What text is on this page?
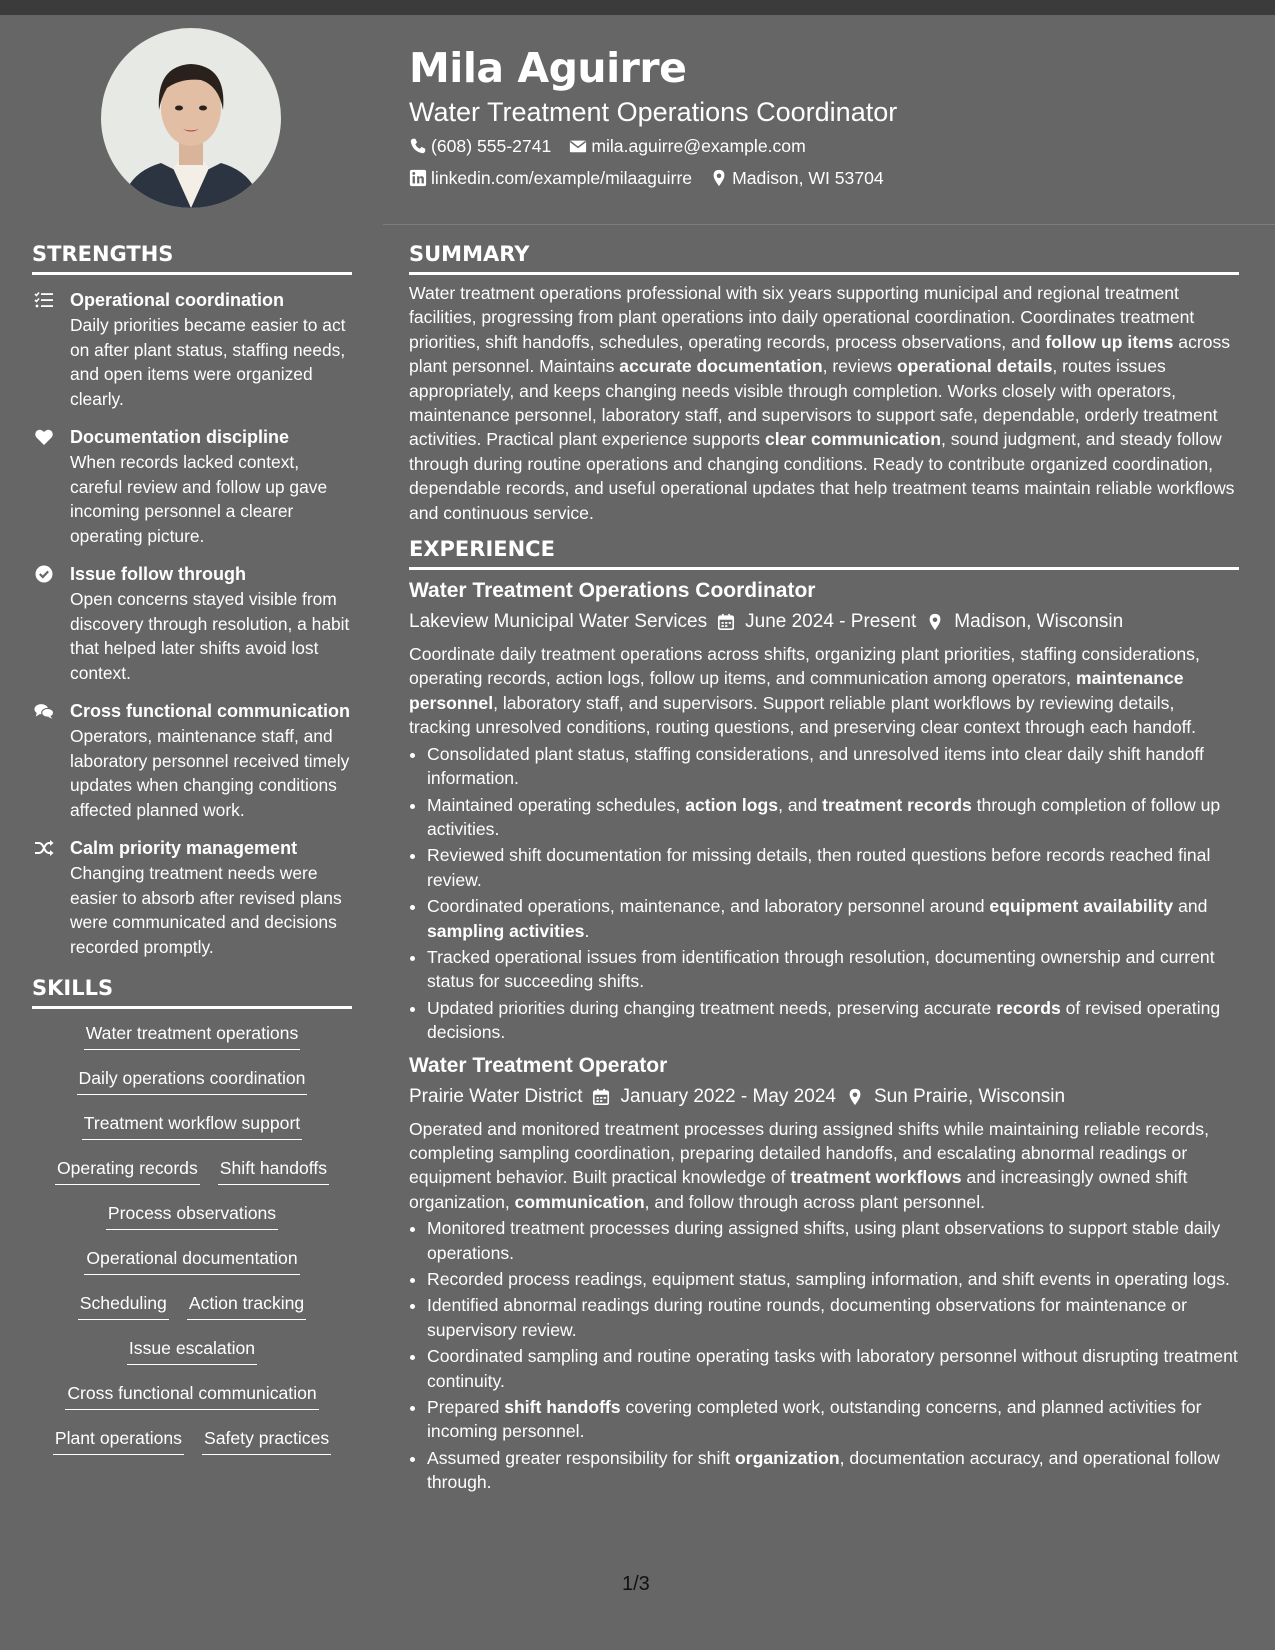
Mila Aguirre
Water Treatment Operations Coordinator
(608) 555-2741 mila.aguirre@example.com
linkedin.com/example/milaaguirre Madison, WI 53704
STRENGTHS
Operational coordination
Daily priorities became easier to act on after plant status, staffing needs, and open items were organized clearly.
Documentation discipline
When records lacked context, careful review and follow up gave incoming personnel a clearer operating picture.
Issue follow through
Open concerns stayed visible from discovery through resolution, a habit that helped later shifts avoid lost context.
Cross functional communication
Operators, maintenance staff, and laboratory personnel received timely updates when changing conditions affected planned work.
Calm priority management
Changing treatment needs were easier to absorb after revised plans were communicated and decisions recorded promptly.
SKILLS
Water treatment operations
Daily operations coordination
Treatment workflow support
Operating records Shift handoffs
Process observations
Operational documentation
Scheduling Action tracking
Issue escalation
Cross functional communication
Plant operations Safety practices
SUMMARY

Water treatment operations professional with six years supporting municipal and regional treatment facilities, progressing from plant operations into daily operational coordination. Coordinates treatment priorities, shift handoffs, schedules, operating records, process observations, and follow up items across plant personnel. Maintains accurate documentation, reviews operational details, routes issues appropriately, and keeps changing needs visible through completion. Works closely with operators, maintenance personnel, laboratory staff, and supervisors to support safe, dependable, orderly treatment activities. Practical plant experience supports clear communication, sound judgment, and steady follow through during routine operations and changing conditions. Ready to contribute organized coordination, dependable records, and useful operational updates that help treatment teams maintain reliable workflows and continuous service.

EXPERIENCE
Water Treatment Operations Coordinator
Lakeview Municipal Water Services June 2024 - Present Madison, Wisconsin
Coordinate daily treatment operations across shifts, organizing plant priorities, staffing considerations, operating records, action logs, follow up items, and communication among operators, maintenance personnel, laboratory staff, and supervisors. Support reliable plant workflows by reviewing details, tracking unresolved conditions, routing questions, and preserving clear context through each handoff.
• Consolidated plant status, staffing considerations, and unresolved items into clear daily shift handoff information.
• Maintained operating schedules, action logs, and treatment records through completion of follow up activities.
• Reviewed shift documentation for missing details, then routed questions before records reached final review.
• Coordinated operations, maintenance, and laboratory personnel around equipment availability and sampling activities.
• Tracked operational issues from identification through resolution, documenting ownership and current status for succeeding shifts.
• Updated priorities during changing treatment needs, preserving accurate records of revised operating decisions.
Water Treatment Operator
Prairie Water District January 2022 - May 2024 Sun Prairie, Wisconsin
Operated and monitored treatment processes during assigned shifts while maintaining reliable records, completing sampling coordination, preparing detailed handoffs, and escalating abnormal readings or equipment behavior. Built practical knowledge of treatment workflows and increasingly owned shift organization, communication, and follow through across plant personnel.
• Monitored treatment processes during assigned shifts, using plant observations to support stable daily operations.
• Recorded process readings, equipment status, sampling information, and shift events in operating logs.
• Identified abnormal readings during routine rounds, documenting observations for maintenance or supervisory review.
• Coordinated sampling and routine operating tasks with laboratory personnel without disrupting treatment continuity.
• Prepared shift handoffs covering completed work, outstanding concerns, and planned activities for incoming personnel.
• Assumed greater responsibility for shift organization, documentation accuracy, and operational follow through.
1/3
